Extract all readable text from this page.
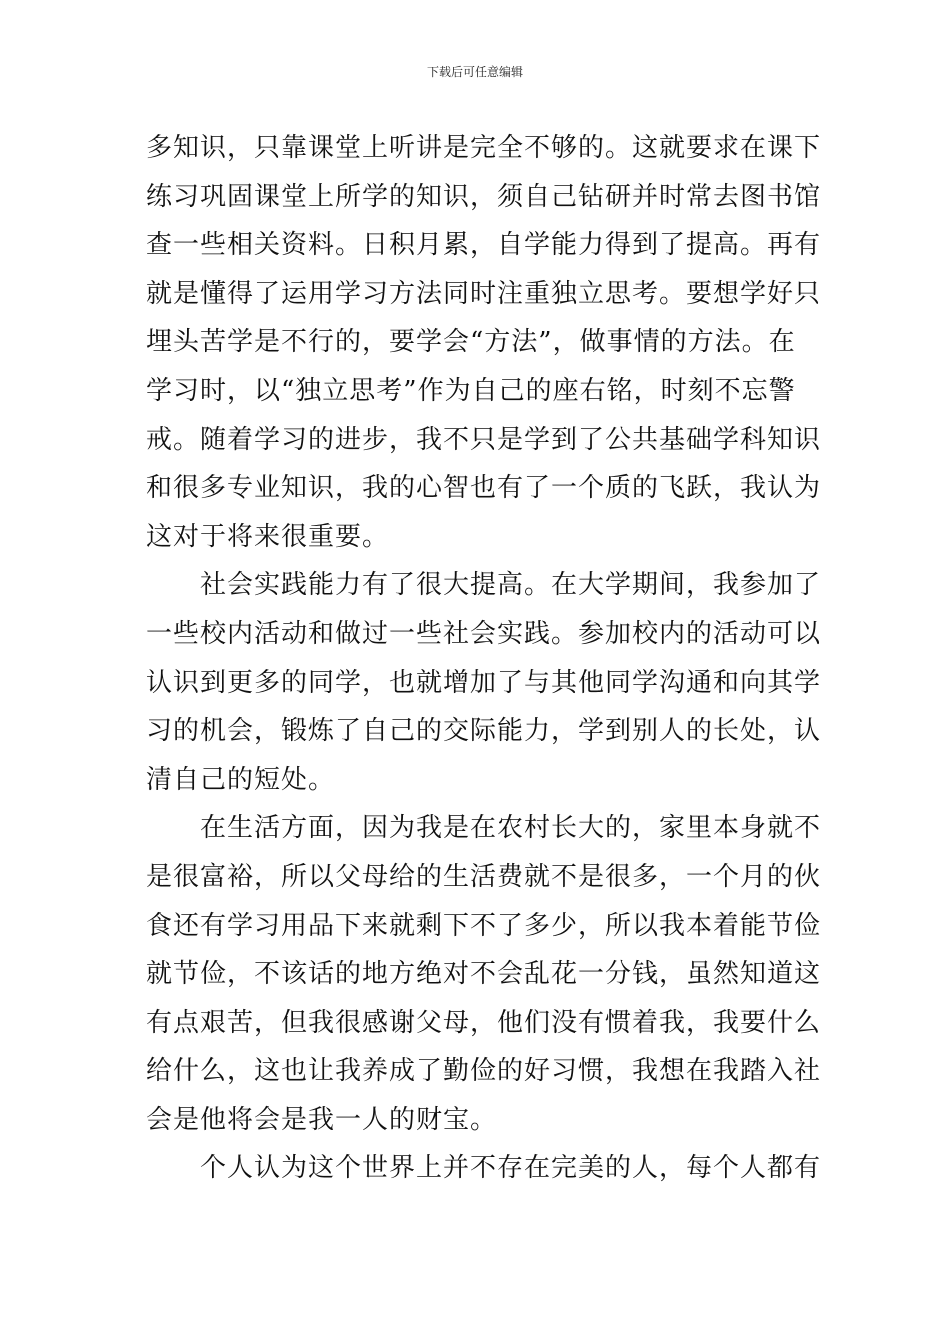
下载后可任意编辑
多知识，只靠课堂上听讲是完全不够的。这就要求在课下
练习巩固课堂上所学的知识，须自己钻研并时常去图书馆
查一些相关资料。日积月累，自学能力得到了提高。再有
就是懂得了运用学习方法同时注重独立思考。要想学好只
埋头苦学是不行的，要学会“方法”，做事情的方法。在
学习时，以“独立思考”作为自己的座右铭，时刻不忘警
戒。随着学习的进步，我不只是学到了公共基础学科知识
和很多专业知识，我的心智也有了一个质的飞跃，我认为
这对于将来很重要。
　　社会实践能力有了很大提高。在大学期间，我参加了
一些校内活动和做过一些社会实践。参加校内的活动可以
认识到更多的同学，也就增加了与其他同学沟通和向其学
习的机会，锻炼了自己的交际能力，学到别人的长处，认
清自己的短处。
　　在生活方面，因为我是在农村长大的，家里本身就不
是很富裕，所以父母给的生活费就不是很多，一个月的伙
食还有学习用品下来就剩下不了多少，所以我本着能节俭
就节俭，不该话的地方绝对不会乱花一分钱，虽然知道这
有点艰苦，但我很感谢父母，他们没有惯着我，我要什么
给什么，这也让我养成了勤俭的好习惯，我想在我踏入社
会是他将会是我一人的财宝。
　　个人认为这个世界上并不存在完美的人，每个人都有
